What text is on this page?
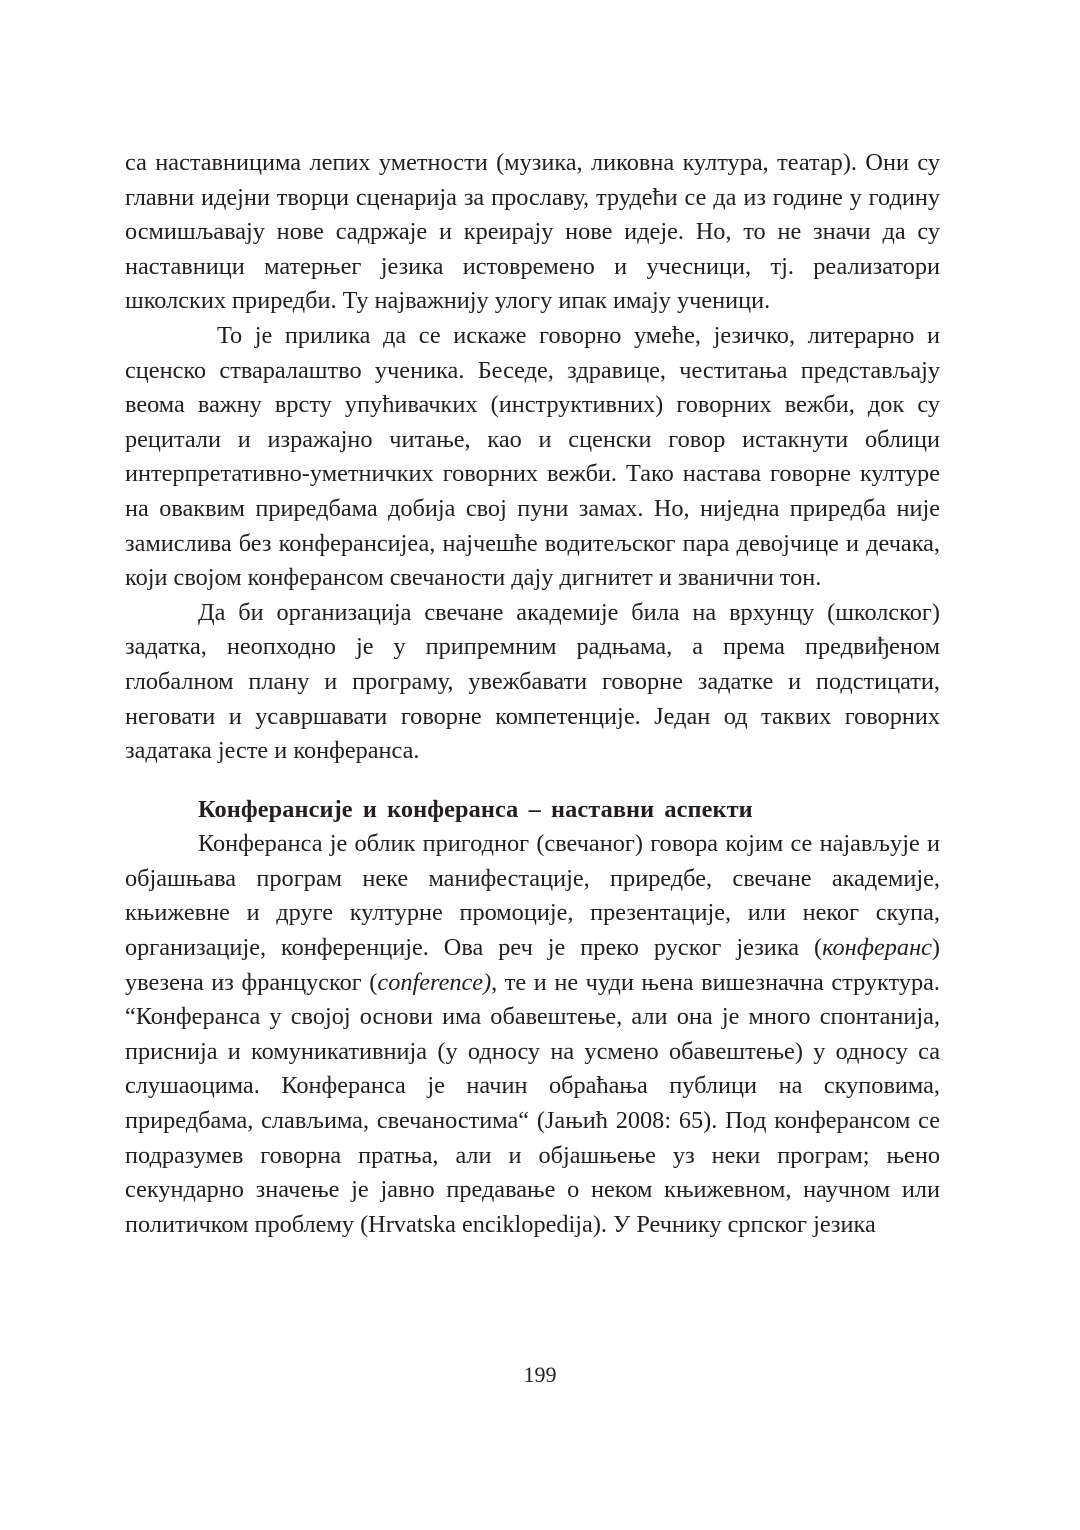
са наставницима лепих уметности (музика, ликовна култура, театар). Они су главни идејни творци сценарија за прославу, трудећи се да из године у годину осмишљавају нове садржаје и креирају нове идеје. Но, то не значи да су наставници матерњег језика истовремено и учесници, тј. реализатори школских приредби. Ту најважнију улогу ипак имају ученици.

То је прилика да се искаже говорно умеће, језичко, литерарно и сценско стваралаштво ученика. Беседе, здравице, честитања представљају веома важну врсту упућивачких (инструктивних) говорних вежби, док су рецитали и изражајно читање, као и сценски говор истакнути облици интерпретативно-уметничких говорних вежби. Тако настава говорне културе на оваквим приредбама добија свој пуни замах. Но, ниједна приредба није замислива без конферансијеа, најчешће водитељског пара девојчице и дечака, који својом конферансом свечаности дају дигнитет и званични тон.

Да би организација свечане академије била на врхунцу (школског) задатка, неопходно је у припремним радњама, а према предвиђеном глобалном плану и програму, увежбавати говорне задатке и подстицати, неговати и усавршавати говорне компетенције. Један од таквих говорних задатака јесте и конферанса.

Конферансије и конферанса – наставни аспекти

Конферанса је облик пригодног (свечаног) говора којим се најављује и објашњава програм неке манифестације, приредбе, свечане академије, књижевне и друге културне промоције, презентације, или неког скупа, организације, конференције. Ова реч је преко руског језика (конферанс) увезена из француског (conference), те и не чуди њена вишезначна структура. “Конферанса у својој основи има обавештење, али она је много спонтанија, приснија и комуникативнија (у односу на усмено обавештење) у односу са слушаоцима. Конферанса је начин обраћања публици на скуповима, приредбама, слављима, свечаностима“ (Јањић 2008: 65). Под конферансом се подразумев говорна пратња, али и објашњење уз неки програм; њено секундарно значење је јавно предавање о неком књижевном, научном или политичком проблему (Hrvatska enciklopedija). У Речнику српског језика

199
